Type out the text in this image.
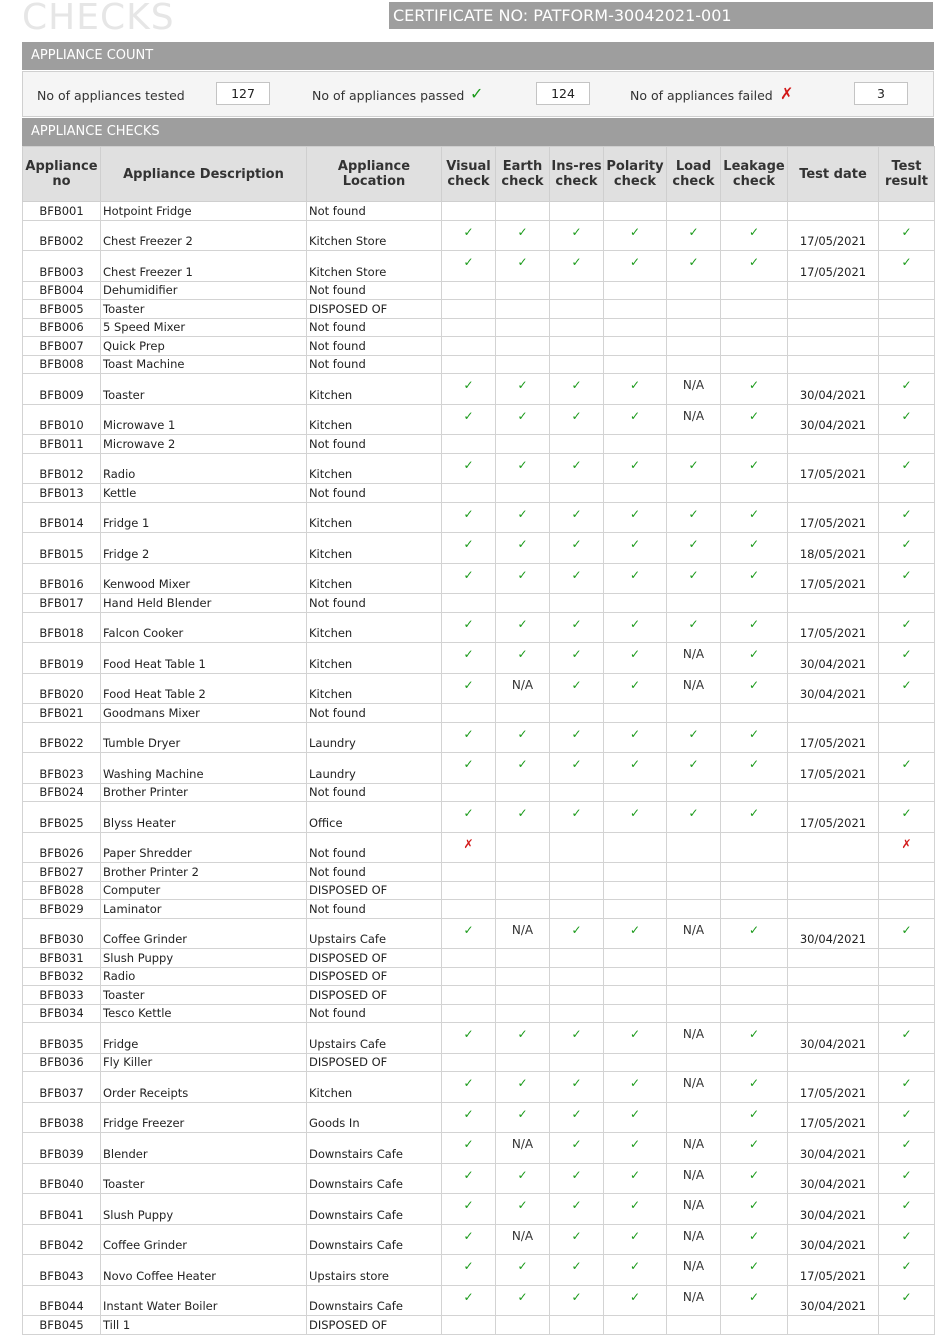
CHECKS	CERTIFICATE NO: PATFORM-30042021-001
APPLIANCE COUNT
No of appliances tested	127	No of appliances passed ✓	124	No of appliances failed ✗	3
APPLIANCE CHECKS
Appliance no	Appliance Description	Appliance Location	Visual check	Earth check	Ins-res check	Polarity check	Load check	Leakage check	Test date	Test result
BFB001	Hotpoint Fridge	Not found								
BFB002	Chest Freezer 2	Kitchen Store	✓	✓	✓	✓	✓	✓	17/05/2021	✓
BFB003	Chest Freezer 1	Kitchen Store	✓	✓	✓	✓	✓	✓	17/05/2021	✓
BFB004	Dehumidifier	Not found								
BFB005	Toaster	DISPOSED OF								
BFB006	5 Speed Mixer	Not found								
BFB007	Quick Prep	Not found								
BFB008	Toast Machine	Not found								
BFB009	Toaster	Kitchen	✓	✓	✓	✓	N/A	✓	30/04/2021	✓
BFB010	Microwave 1	Kitchen	✓	✓	✓	✓	N/A	✓	30/04/2021	✓
BFB011	Microwave 2	Not found								
BFB012	Radio	Kitchen	✓	✓	✓	✓	✓	✓	17/05/2021	✓
BFB013	Kettle	Not found								
BFB014	Fridge 1	Kitchen	✓	✓	✓	✓	✓	✓	17/05/2021	✓
BFB015	Fridge 2	Kitchen	✓	✓	✓	✓	✓	✓	18/05/2021	✓
BFB016	Kenwood Mixer	Kitchen	✓	✓	✓	✓	✓	✓	17/05/2021	✓
BFB017	Hand Held Blender	Not found								
BFB018	Falcon Cooker	Kitchen	✓	✓	✓	✓	✓	✓	17/05/2021	✓
BFB019	Food Heat Table 1	Kitchen	✓	✓	✓	✓	N/A	✓	30/04/2021	✓
BFB020	Food Heat Table 2	Kitchen	✓	N/A	✓	✓	N/A	✓	30/04/2021	✓
BFB021	Goodmans Mixer	Not found								
BFB022	Tumble Dryer	Laundry	✓	✓	✓	✓	✓	✓	17/05/2021	
BFB023	Washing Machine	Laundry	✓	✓	✓	✓	✓	✓	17/05/2021	✓
BFB024	Brother Printer	Not found								
BFB025	Blyss Heater	Office	✓	✓	✓	✓	✓	✓	17/05/2021	✓
BFB026	Paper Shredder	Not found	✗							✗
BFB027	Brother Printer 2	Not found								
BFB028	Computer	DISPOSED OF								
BFB029	Laminator	Not found								
BFB030	Coffee Grinder	Upstairs Cafe	✓	N/A	✓	✓	N/A	✓	30/04/2021	✓
BFB031	Slush Puppy	DISPOSED OF								
BFB032	Radio	DISPOSED OF								
BFB033	Toaster	DISPOSED OF								
BFB034	Tesco Kettle	Not found								
BFB035	Fridge	Upstairs Cafe	✓	✓	✓	✓	N/A	✓	30/04/2021	✓
BFB036	Fly Killer	DISPOSED OF								
BFB037	Order Receipts	Kitchen	✓	✓	✓	✓	N/A	✓	17/05/2021	✓
BFB038	Fridge Freezer	Goods In	✓	✓	✓	✓		✓	17/05/2021	✓
BFB039	Blender	Downstairs Cafe	✓	N/A	✓	✓	N/A	✓	30/04/2021	✓
BFB040	Toaster	Downstairs Cafe	✓	✓	✓	✓	N/A	✓	30/04/2021	✓
BFB041	Slush Puppy	Downstairs Cafe	✓	✓	✓	✓	N/A	✓	30/04/2021	✓
BFB042	Coffee Grinder	Downstairs Cafe	✓	N/A	✓	✓	N/A	✓	30/04/2021	✓
BFB043	Novo Coffee Heater	Upstairs store	✓	✓	✓	✓	N/A	✓	17/05/2021	✓
BFB044	Instant Water Boiler	Downstairs Cafe	✓	✓	✓	✓	N/A	✓	30/04/2021	✓
BFB045	Till 1	DISPOSED OF								
